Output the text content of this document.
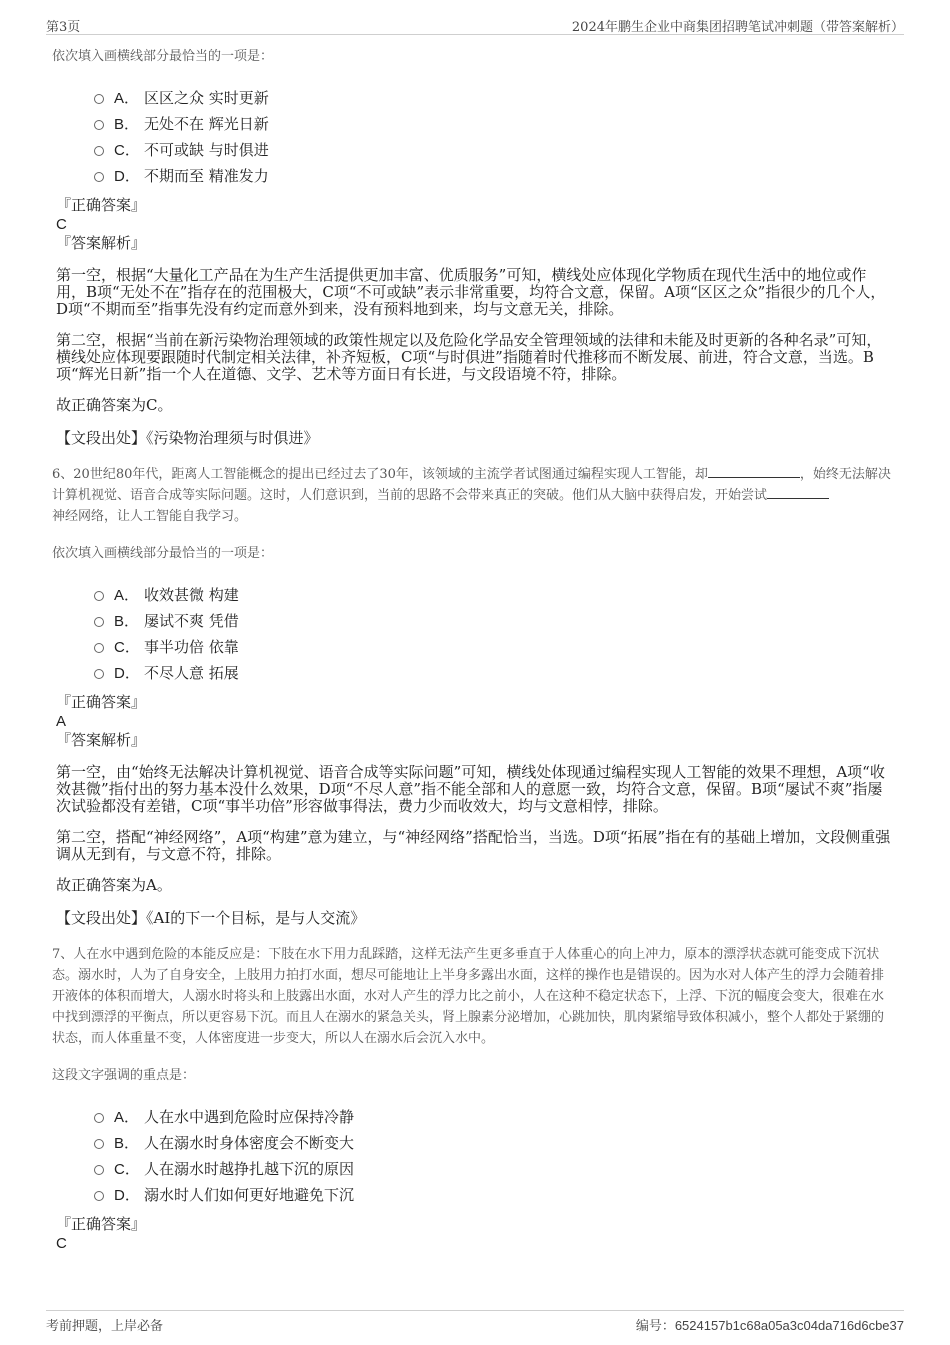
第3页	2024年鹏生企业中商集团招聘笔试冲刺题（带答案解析）

依次填入画横线部分最恰当的一项是：

A． 区区之众 实时更新
B． 无处不在 辉光日新
C． 不可或缺 与时俱进
D． 不期而至 精准发力

『正确答案』

C

『答案解析』

第一空，根据“大量化工产品在为生产生活提供更加丰富、优质服务”可知，横线处应体现化学物质在现代生活中的地位或作用，B项“无处不在”指存在的范围极大，C项“不可或缺”表示非常重要，均符合文意，保留。A项“区区之众”指很少的几个人，D项“不期而至”指事先没有约定而意外到来，没有预料地到来，均与文意无关，排除。

第二空，根据“当前在新污染物治理领域的政策性规定以及危险化学品安全管理领域的法律和未能及时更新的各种名录”可知，横线处应体现要跟随时代制定相关法律，补齐短板，C项“与时俱进”指随着时代推移而不断发展、前进，符合文意，当选。B项“辉光日新”指一个人在道德、文学、艺术等方面日有长进，与文段语境不符，排除。

故正确答案为C。

【文段出处】《污染物治理须与时俱进》

6、20世纪80年代，距离人工智能概念的提出已经过去了30年，该领域的主流学者试图通过编程实现人工智能，却	，始终无法解决计算机视觉、语音合成等实际问题。这时，人们意识到，当前的思路不会带来真正的突破。他们从大脑中获得启发，开始尝试
神经网络，让人工智能自我学习。

依次填入画横线部分最恰当的一项是：

A． 收效甚微 构建
B． 屡试不爽 凭借
C． 事半功倍 依靠
D． 不尽人意 拓展

『正确答案』

A

『答案解析』

第一空，由“始终无法解决计算机视觉、语音合成等实际问题”可知，横线处体现通过编程实现人工智能的效果不理想，A项“收效甚微”指付出的努力基本没什么效果，D项“不尽人意”指不能全部和人的意愿一致，均符合文意，保留。B项“屡试不爽”指屡次试验都没有差错，C项“事半功倍”形容做事得法，费力少而收效大，均与文意相悖，排除。

第二空，搭配“神经网络”，A项“构建”意为建立，与“神经网络”搭配恰当，当选。D项“拓展”指在有的基础上增加，文段侧重强调从无到有，与文意不符，排除。

故正确答案为A。

【文段出处】《AI的下一个目标，是与人交流》

7、人在水中遇到危险的本能反应是：下肢在水下用力乱踩踏，这样无法产生更多垂直于人体重心的向上冲力，原本的漂浮状态就可能变成下沉状态。溺水时，人为了自身安全，上肢用力拍打水面，想尽可能地让上半身多露出水面，这样的操作也是错误的。因为水对人体产生的浮力会随着排开液体的体积而增大，人溺水时将头和上肢露出水面，水对人产生的浮力比之前小，人在这种不稳定状态下，上浮、下沉的幅度会变大，很难在水中找到漂浮的平衡点，所以更容易下沉。而且人在溺水的紧急关头，肾上腺素分泌增加，心跳加快，肌肉紧缩导致体积减小，整个人都处于紧绷的状态，而人体重量不变，人体密度进一步变大，所以人在溺水后会沉入水中。

这段文字强调的重点是：

A． 人在水中遇到危险时应保持冷静
B． 人在溺水时身体密度会不断变大
C． 人在溺水时越挣扎越下沉的原因
D． 溺水时人们如何更好地避免下沉

『正确答案』

C

考前押题，上岸必备	编号：6524157b1c68a05a3c04da716d6cbe37
